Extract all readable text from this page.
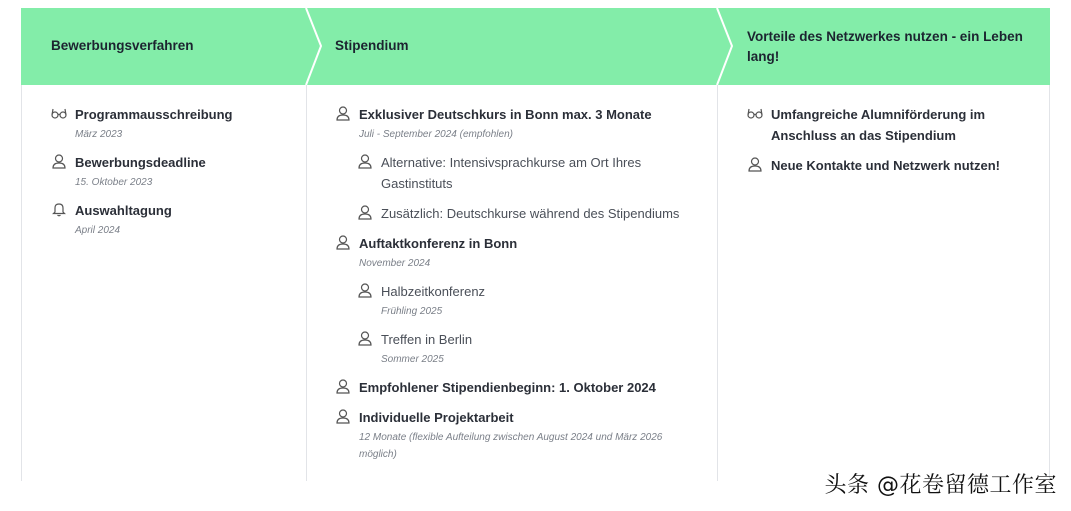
Bewerbungsverfahren	Stipendium
Vorteile des Netzwerkes nutzen - ein Leben
lang!
Programmausschreibung
März 2023
Bewerbungsdeadline
15. Oktober 2023
Auswahltagung
April 2024
Exklusiver Deutschkurs in Bonn max. 3 Monate
Juli - September 2024 (empfohlen)
Alternative: Intensivsprachkurse am Ort Ihres
Gastinstituts
Zusätzlich: Deutschkurse während des Stipendiums
Auftaktkonferenz in Bonn
November 2024
Halbzeitkonferenz
Frühling 2025
Treffen in Berlin
Sommer 2025
Empfohlener Stipendienbeginn: 1. Oktober 2024
Individuelle Projektarbeit
12 Monate (flexible Aufteilung zwischen August 2024 und März 2026
möglich)
Umfangreiche Alumniförderung im
Anschluss an das Stipendium
Neue Kontakte und Netzwerk nutzen!
头条 @花卷留德工作室
